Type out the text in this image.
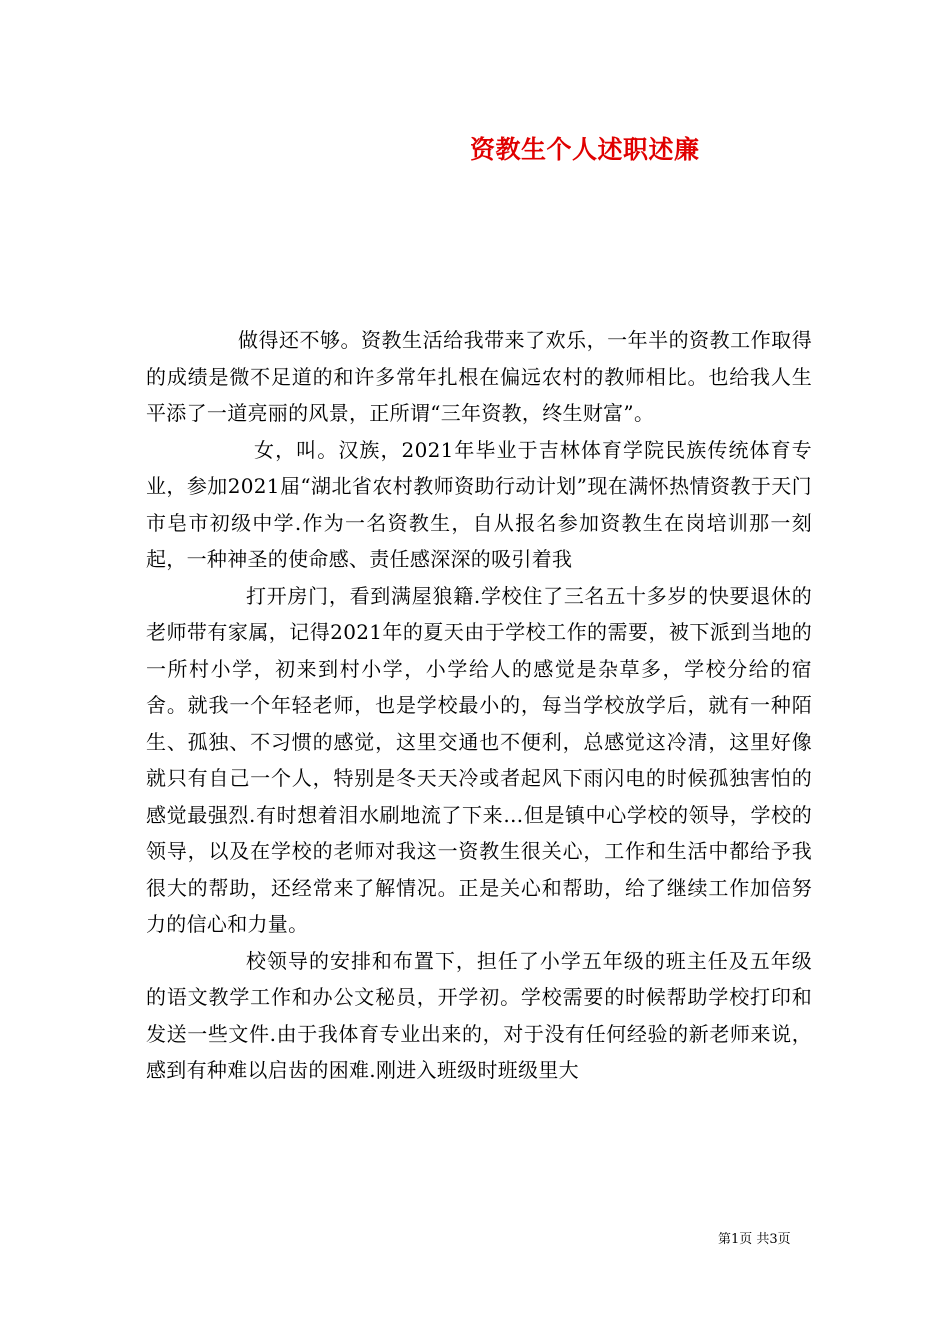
资教生个人述职述廉

做得还不够。资教生活给我带来了欢乐，一年半的资教工作取得的成绩是微不足道的和许多常年扎根在偏远农村的教师相比。也给我人生平添了一道亮丽的风景，正所谓“三年资教，终生财富”。

女，叫。汉族，2021年毕业于吉林体育学院民族传统体育专业，参加2021届“湖北省农村教师资助行动计划”现在满怀热情资教于天门市皂市初级中学.作为一名资教生，自从报名参加资教生在岗培训那一刻起，一种神圣的使命感、责任感深深的吸引着我

打开房门，看到满屋狼籍.学校住了三名五十多岁的快要退休的老师带有家属，记得2021年的夏天由于学校工作的需要，被下派到当地的一所村小学，初来到村小学，小学给人的感觉是杂草多，学校分给的宿舍。就我一个年轻老师，也是学校最小的，每当学校放学后，就有一种陌生、孤独、不习惯的感觉，这里交通也不便利，总感觉这冷清，这里好像就只有自己一个人，特别是冬天天冷或者起风下雨闪电的时候孤独害怕的感觉最强烈.有时想着泪水刷地流了下来…但是镇中心学校的领导，学校的领导，以及在学校的老师对我这一资教生很关心，工作和生活中都给予我很大的帮助，还经常来了解情况。正是关心和帮助，给了继续工作加倍努力的信心和力量。

校领导的安排和布置下，担任了小学五年级的班主任及五年级的语文教学工作和办公文秘员，开学初。学校需要的时候帮助学校打印和发送一些文件.由于我体育专业出来的，对于没有任何经验的新老师来说，感到有种难以启齿的困难.刚进入班级时班级里大

第1页 共3页
